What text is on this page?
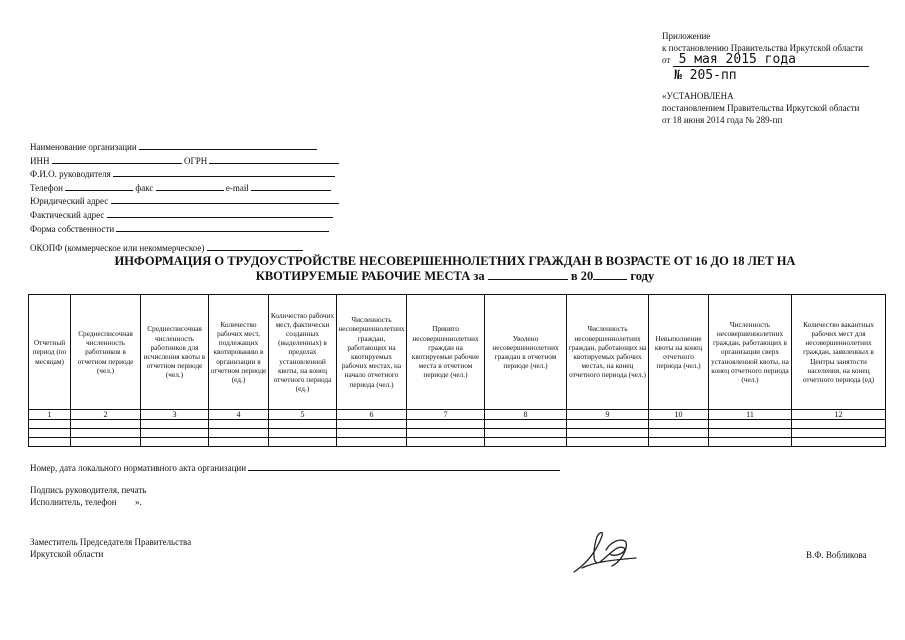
Приложение
к постановлению Правительства Иркутской области
от 5 мая 2015 года
№ 205-пп
«УСТАНОВЛЕНА
постановлением Правительства Иркутской области
от 18 июня 2014 года № 289-пп
Наименование организации
ИНН	ОГРН
Ф.И.О. руководителя
Телефон	факс	e-mail
Юридический адрес
Фактический адрес
Форма собственности
ОКОПФ (коммерческое или некоммерческое)
ИНФОРМАЦИЯ О ТРУДОУСТРОЙСТВЕ НЕСОВЕРШЕННОЛЕТНИХ ГРАЖДАН В ВОЗРАСТЕ ОТ 16 ДО 18 ЛЕТ НА
КВОТИРУЕМЫЕ РАБОЧИЕ МЕСТА за	в 20	году
Отчетный период (по месяцам)	Среднесписочная численность работников в отчетном периоде (чел.)	Среднесписочная численность работников для исчисления квоты в отчетном периоде (чел.)	Количество рабочих мест, подлежащих квотированию в организации в отчетном периоде (ед.)	Количество рабочих мест, фактически созданных (выделенных) в пределах установленной квоты, на конец отчетного периода (ед.)	Численность несовершеннолетних граждан, работающих на квотируемых рабочих местах, на начало отчетного периода (чел.)	Принято несовершеннолетних граждан на квотируемые рабочие места в отчетном периоде (чел.)	Уволено несовершеннолетних граждан в отчетном периоде (чел.)	Численность несовершеннолетних граждан, работающих на квотируемых рабочих местах, на конец отчетного периода (чел.)	Невыполнение квоты на конец отчетного периода (чел.)	Численность несовершеннолетних граждан, работающих в организации сверх установленной квоты, на конец отчетного периода (чел.)	Количество вакантных рабочих мест для несовершеннолетних граждан, заявленных в Центры занятости населения, на конец отчетного периода (ед)
1	2	3	4	5	6	7	8	9	10	11	12

Номер, дата локального нормативного акта организации
Подпись руководителя, печать
Исполнитель, телефон ».
Заместитель Председателя Правительства
Иркутской области	В.Ф. Вобликова
